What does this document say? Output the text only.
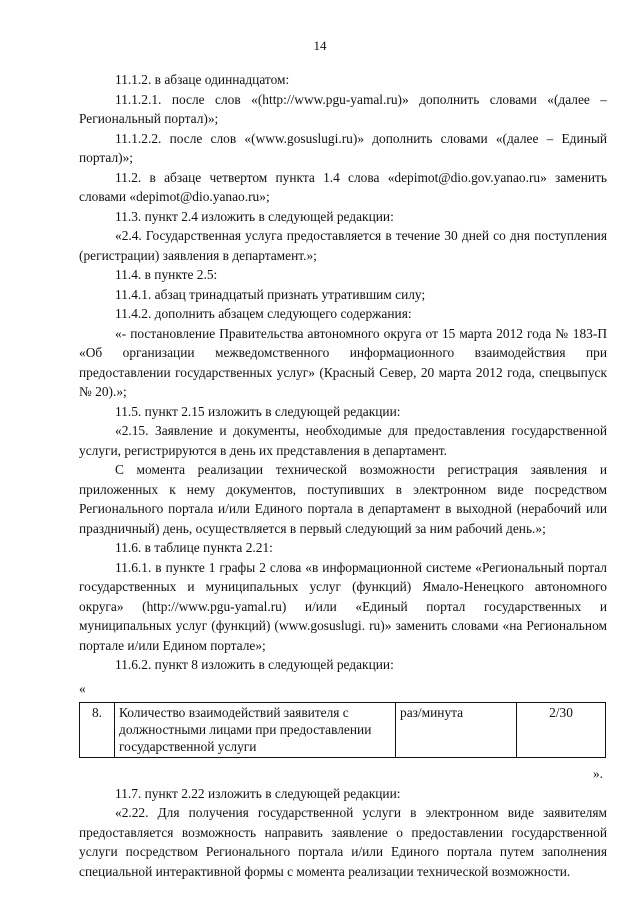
14

11.1.2. в абзаце одиннадцатом:

11.1.2.1. после слов «(http://www.pgu-yamal.ru)» дополнить словами «(далее – Региональный портал)»;

11.1.2.2. после слов «(www.gosuslugi.ru)» дополнить словами «(далее – Единый портал)»;

11.2. в абзаце четвертом пункта 1.4 слова «depimot@dio.gov.yanao.ru» заменить словами «depimot@dio.yanao.ru»;

11.3. пункт 2.4 изложить в следующей редакции:

«2.4. Государственная услуга предоставляется в течение 30 дней со дня поступления (регистрации) заявления в департамент.»;

11.4. в пункте 2.5:

11.4.1. абзац тринадцатый признать утратившим силу;

11.4.2. дополнить абзацем следующего содержания:

«- постановление Правительства автономного округа от 15 марта 2012 года № 183-П «Об организации межведомственного информационного взаимодействия при предоставлении государственных услуг» (Красный Север, 20 марта 2012 года, спецвыпуск № 20).»;

11.5. пункт 2.15 изложить в следующей редакции:

«2.15. Заявление и документы, необходимые для предоставления государственной услуги, регистрируются в день их представления в департамент.

С момента реализации технической возможности регистрация заявления и приложенных к нему документов, поступивших в электронном виде посредством Регионального портала и/или Единого портала в департамент в выходной (нерабочий или праздничный) день, осуществляется в первый следующий за ним рабочий день.»;

11.6. в таблице пункта 2.21:

11.6.1. в пункте 1 графы 2 слова «в информационной системе «Региональный портал государственных и муниципальных услуг (функций) Ямало-Ненецкого автономного округа» (http://www.pgu-yamal.ru) и/или «Единый портал государственных и муниципальных услуг (функций) (www.gosuslugi. ru)» заменить словами «на Региональном портале и/или Едином портале»;

11.6.2. пункт 8 изложить в следующей редакции:

«

8.	Количество взаимодействий заявителя с должностными лицами при предоставлении государственной услуги	раз/минута	2/30

».

11.7. пункт 2.22 изложить в следующей редакции:

«2.22. Для получения государственной услуги в электронном виде заявителям предоставляется возможность направить заявление о предоставлении государственной услуги посредством Регионального портала и/или Единого портала путем заполнения специальной интерактивной формы с момента реализации технической возможности.
